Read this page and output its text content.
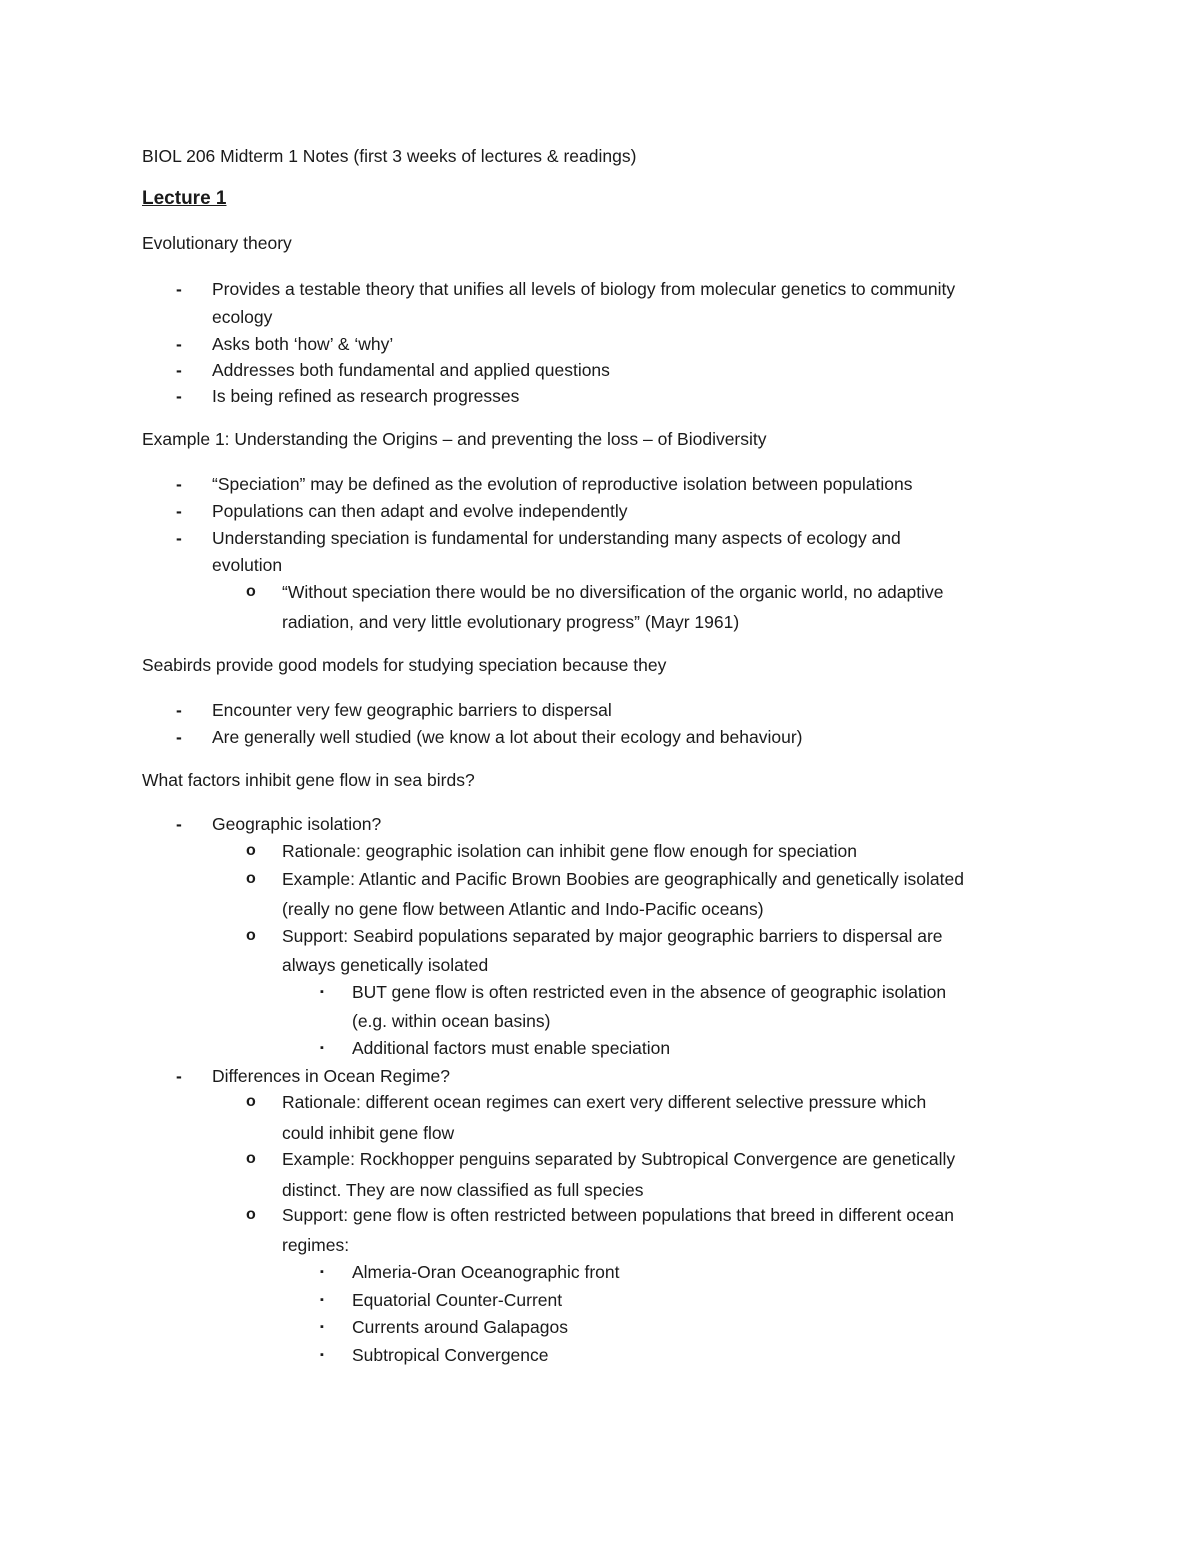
BIOL 206 Midterm 1 Notes (first 3 weeks of lectures & readings)

Lecture 1

Evolutionary theory

- Provides a testable theory that unifies all levels of biology from molecular genetics to community
ecology
- Asks both ‘how’ & ‘why’
- Addresses both fundamental and applied questions
- Is being refined as research progresses

Example 1: Understanding the Origins – and preventing the loss – of Biodiversity

- “Speciation” may be defined as the evolution of reproductive isolation between populations
- Populations can then adapt and evolve independently
- Understanding speciation is fundamental for understanding many aspects of ecology and
evolution
o “Without speciation there would be no diversification of the organic world, no adaptive
radiation, and very little evolutionary progress” (Mayr 1961)

Seabirds provide good models for studying speciation because they

- Encounter very few geographic barriers to dispersal
- Are generally well studied (we know a lot about their ecology and behaviour)

What factors inhibit gene flow in sea birds?

- Geographic isolation?
o Rationale: geographic isolation can inhibit gene flow enough for speciation
o Example: Atlantic and Pacific Brown Boobies are geographically and genetically isolated
(really no gene flow between Atlantic and Indo-Pacific oceans)
o Support: Seabird populations separated by major geographic barriers to dispersal are
always genetically isolated
▪ BUT gene flow is often restricted even in the absence of geographic isolation
(e.g. within ocean basins)
▪ Additional factors must enable speciation
- Differences in Ocean Regime?
o Rationale: different ocean regimes can exert very different selective pressure which
could inhibit gene flow
o Example: Rockhopper penguins separated by Subtropical Convergence are genetically
distinct. They are now classified as full species
o Support: gene flow is often restricted between populations that breed in different ocean
regimes:
▪ Almeria-Oran Oceanographic front
▪ Equatorial Counter-Current
▪ Currents around Galapagos
▪ Subtropical Convergence
